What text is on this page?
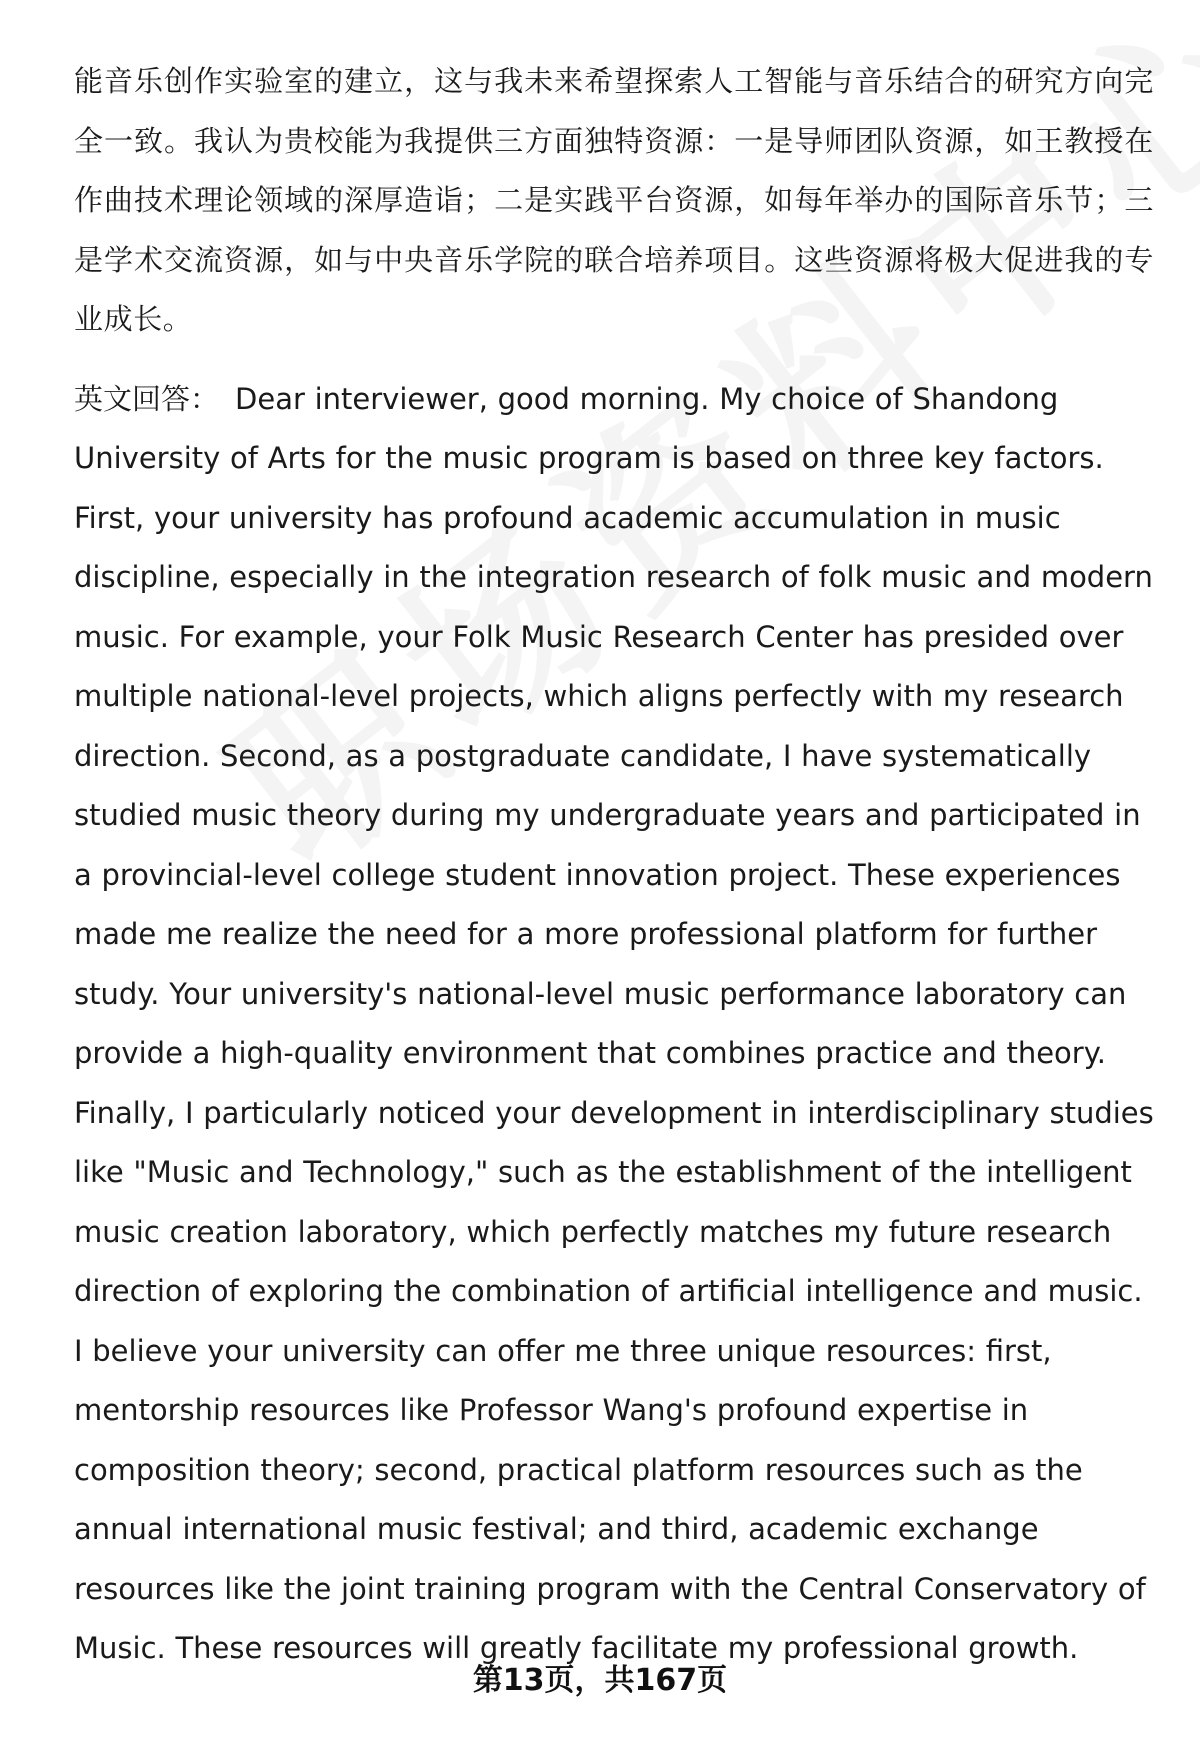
能音乐创作实验室的建立，这与我未来希望探索人工智能与音乐结合的研究方向完全一致。我认为贵校能为我提供三方面独特资源：一是导师团队资源，如王教授在作曲技术理论领域的深厚造诣；二是实践平台资源，如每年举办的国际音乐节；三是学术交流资源，如与中央音乐学院的联合培养项目。这些资源将极大促进我的专业成长。

英文回答： Dear interviewer, good morning. My choice of Shandong University of Arts for the music program is based on three key factors. First, your university has profound academic accumulation in music discipline, especially in the integration research of folk music and modern music. For example, your Folk Music Research Center has presided over multiple national-level projects, which aligns perfectly with my research direction. Second, as a postgraduate candidate, I have systematically studied music theory during my undergraduate years and participated in a provincial-level college student innovation project. These experiences made me realize the need for a more professional platform for further study. Your university's national-level music performance laboratory can provide a high-quality environment that combines practice and theory. Finally, I particularly noticed your development in interdisciplinary studies like "Music and Technology," such as the establishment of the intelligent music creation laboratory, which perfectly matches my future research direction of exploring the combination of artificial intelligence and music. I believe your university can offer me three unique resources: first, mentorship resources like Professor Wang's profound expertise in composition theory; second, practical platform resources such as the annual international music festival; and third, academic exchange resources like the joint training program with the Central Conservatory of Music. These resources will greatly facilitate my professional growth.

第13页，共167页
